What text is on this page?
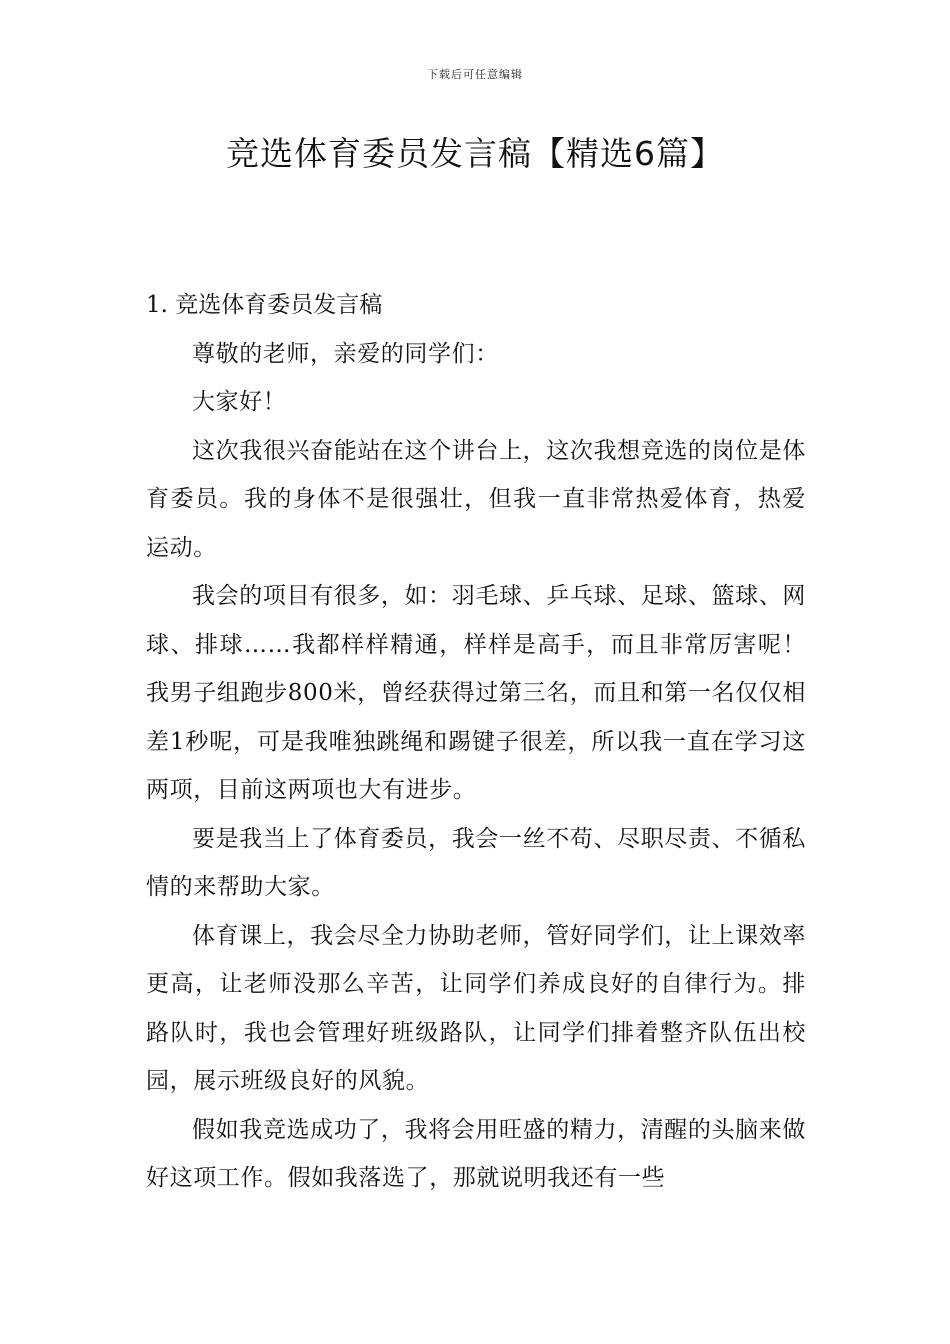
下载后可任意编辑
竞选体育委员发言稿【精选6篇】
1. 竞选体育委员发言稿

尊敬的老师，亲爱的同学们：

大家好！

这次我很兴奋能站在这个讲台上，这次我想竞选的岗位是体育委员。我的身体不是很强壮，但我一直非常热爱体育，热爱运动。

我会的项目有很多，如：羽毛球、乒乓球、足球、篮球、网球、排球……我都样样精通，样样是高手，而且非常厉害呢！我男子组跑步800米，曾经获得过第三名，而且和第一名仅仅相差1秒呢，可是我唯独跳绳和踢键子很差，所以我一直在学习这两项，目前这两项也大有进步。

要是我当上了体育委员，我会一丝不苟、尽职尽责、不循私情的来帮助大家。

体育课上，我会尽全力协助老师，管好同学们，让上课效率更高，让老师没那么辛苦，让同学们养成良好的自律行为。排路队时，我也会管理好班级路队，让同学们排着整齐队伍出校园，展示班级良好的风貌。

假如我竞选成功了，我将会用旺盛的精力，清醒的头脑来做好这项工作。假如我落选了，那就说明我还有一些
